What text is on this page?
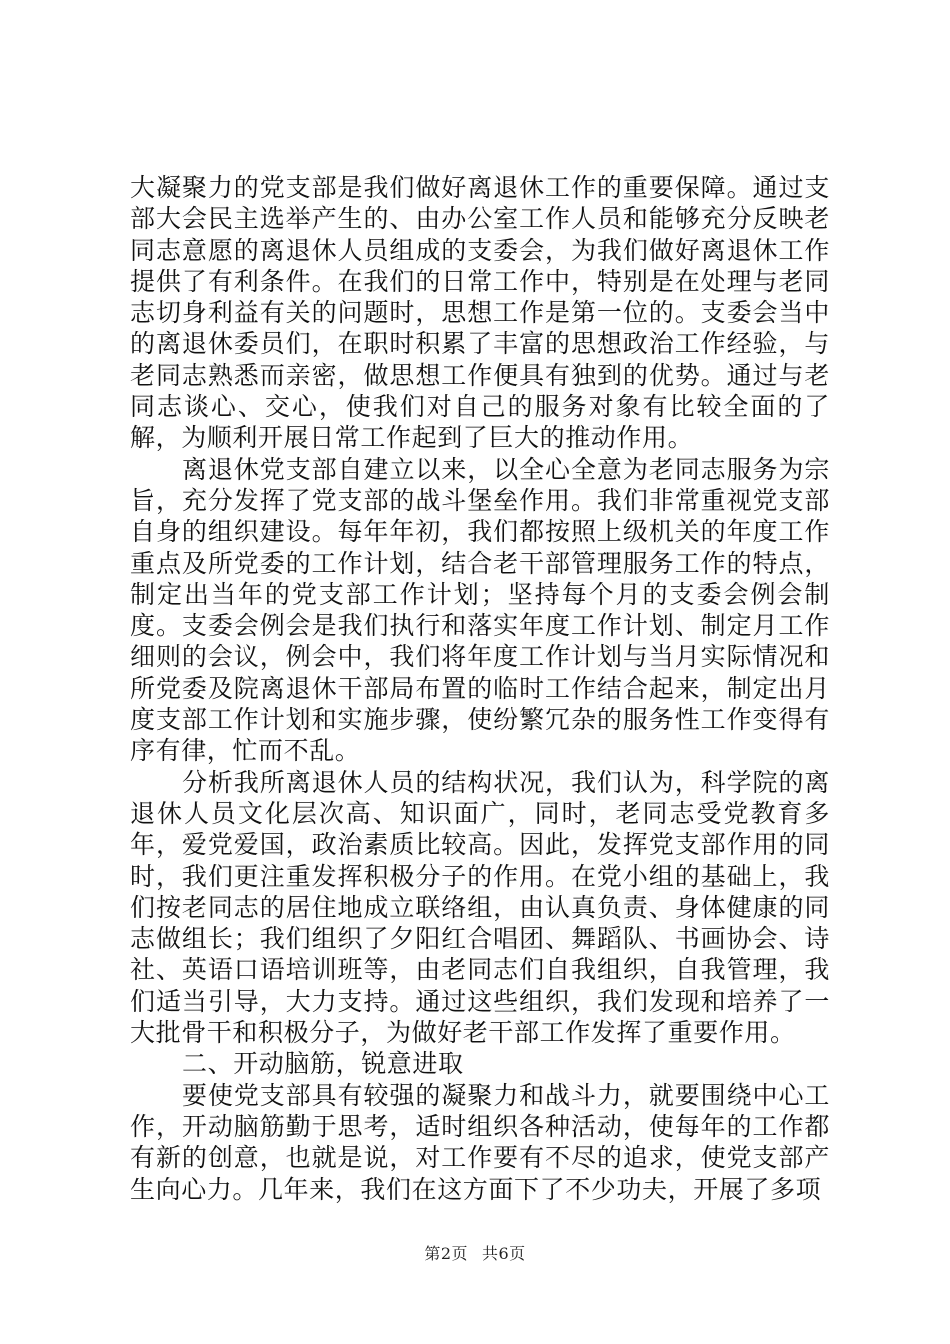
大凝聚力的党支部是我们做好离退休工作的重要保障。通过支部大会民主选举产生的、由办公室工作人员和能够充分反映老同志意愿的离退休人员组成的支委会，为我们做好离退休工作提供了有利条件。在我们的日常工作中，特别是在处理与老同志切身利益有关的问题时，思想工作是第一位的。支委会当中的离退休委员们，在职时积累了丰富的思想政治工作经验，与老同志熟悉而亲密，做思想工作便具有独到的优势。通过与老同志谈心、交心，使我们对自己的服务对象有比较全面的了解，为顺利开展日常工作起到了巨大的推动作用。

离退休党支部自建立以来，以全心全意为老同志服务为宗旨，充分发挥了党支部的战斗堡垒作用。我们非常重视党支部自身的组织建设。每年年初，我们都按照上级机关的年度工作重点及所党委的工作计划，结合老干部管理服务工作的特点，制定出当年的党支部工作计划；坚持每个月的支委会例会制度。支委会例会是我们执行和落实年度工作计划、制定月工作细则的会议，例会中，我们将年度工作计划与当月实际情况和所党委及院离退休干部局布置的临时工作结合起来，制定出月度支部工作计划和实施步骤，使纷繁冗杂的服务性工作变得有序有律，忙而不乱。

分析我所离退休人员的结构状况，我们认为，科学院的离退休人员文化层次高、知识面广，同时，老同志受党教育多年，爱党爱国，政治素质比较高。因此，发挥党支部作用的同时，我们更注重发挥积极分子的作用。在党小组的基础上，我们按老同志的居住地成立联络组，由认真负责、身体健康的同志做组长；我们组织了夕阳红合唱团、舞蹈队、书画协会、诗社、英语口语培训班等，由老同志们自我组织，自我管理，我们适当引导，大力支持。通过这些组织，我们发现和培养了一大批骨干和积极分子，为做好老干部工作发挥了重要作用。

二、开动脑筋，锐意进取

要使党支部具有较强的凝聚力和战斗力，就要围绕中心工作，开动脑筋勤于思考，适时组织各种活动，使每年的工作都有新的创意，也就是说，对工作要有不尽的追求，使党支部产生向心力。几年来，我们在这方面下了不少功夫，开展了多项

第2页 共6页
